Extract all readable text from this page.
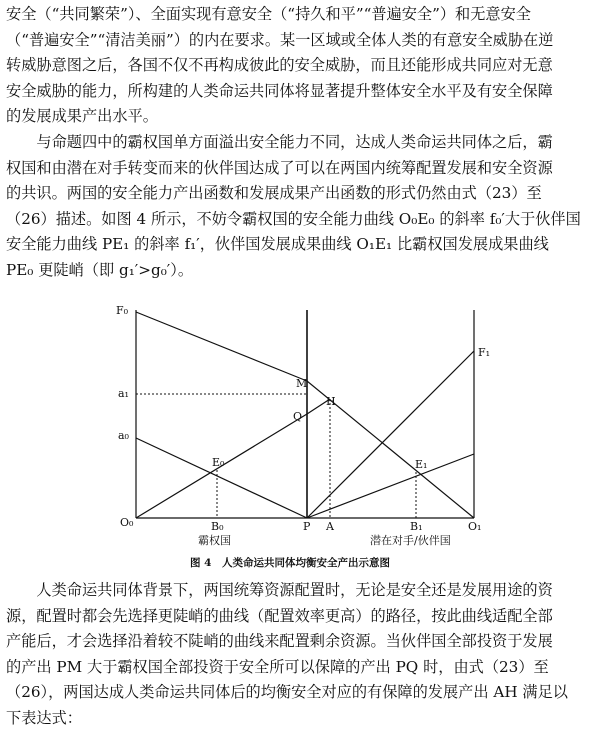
安全（“共同繁荣”）、全面实现有意安全（“持久和平”“普遍安全”）和无意安全
（“普遍安全”“清洁美丽”）的内在要求。某一区域或全体人类的有意安全威胁在逆
转威胁意图之后，各国不仅不再构成彼此的安全威胁，而且还能形成共同应对无意
安全威胁的能力，所构建的人类命运共同体将显著提升整体安全水平及有安全保障
的发展成果产出水平。
　　与命题四中的霸权国单方面溢出安全能力不同，达成人类命运共同体之后，霸
权国和由潜在对手转变而来的伙伴国达成了可以在两国内统筹配置发展和安全资源
的共识。两国的安全能力产出函数和发展成果产出函数的形式仍然由式（23）至
（26）描述。如图 4 所示，不妨令霸权国的安全能力曲线 O₀E₀ 的斜率 f₀′大于伙伴国
安全能力曲线 PE₁ 的斜率 f₁′，伙伴国发展成果曲线 O₁E₁ 比霸权国发展成果曲线
PE₀ 更陡峭（即 g₁′>g₀′）。
F₀
F₁
M
H
Q
a₁
a₀
E₀	E₁
O₀	B₀	P A	B₁	O₁
霸权国	潜在对手/伙伴国
图 4　人类命运共同体均衡安全产出示意图
　　人类命运共同体背景下，两国统筹资源配置时，无论是安全还是发展用途的资
源，配置时都会先选择更陡峭的曲线（配置效率更高）的路径，按此曲线适配全部
产能后，才会选择沿着较不陡峭的曲线来配置剩余资源。当伙伴国全部投资于发展
的产出 PM 大于霸权国全部投资于安全所可以保障的产出 PQ 时，由式（23）至
（26），两国达成人类命运共同体后的均衡安全对应的有保障的发展产出 AH 满足以
下表达式：
